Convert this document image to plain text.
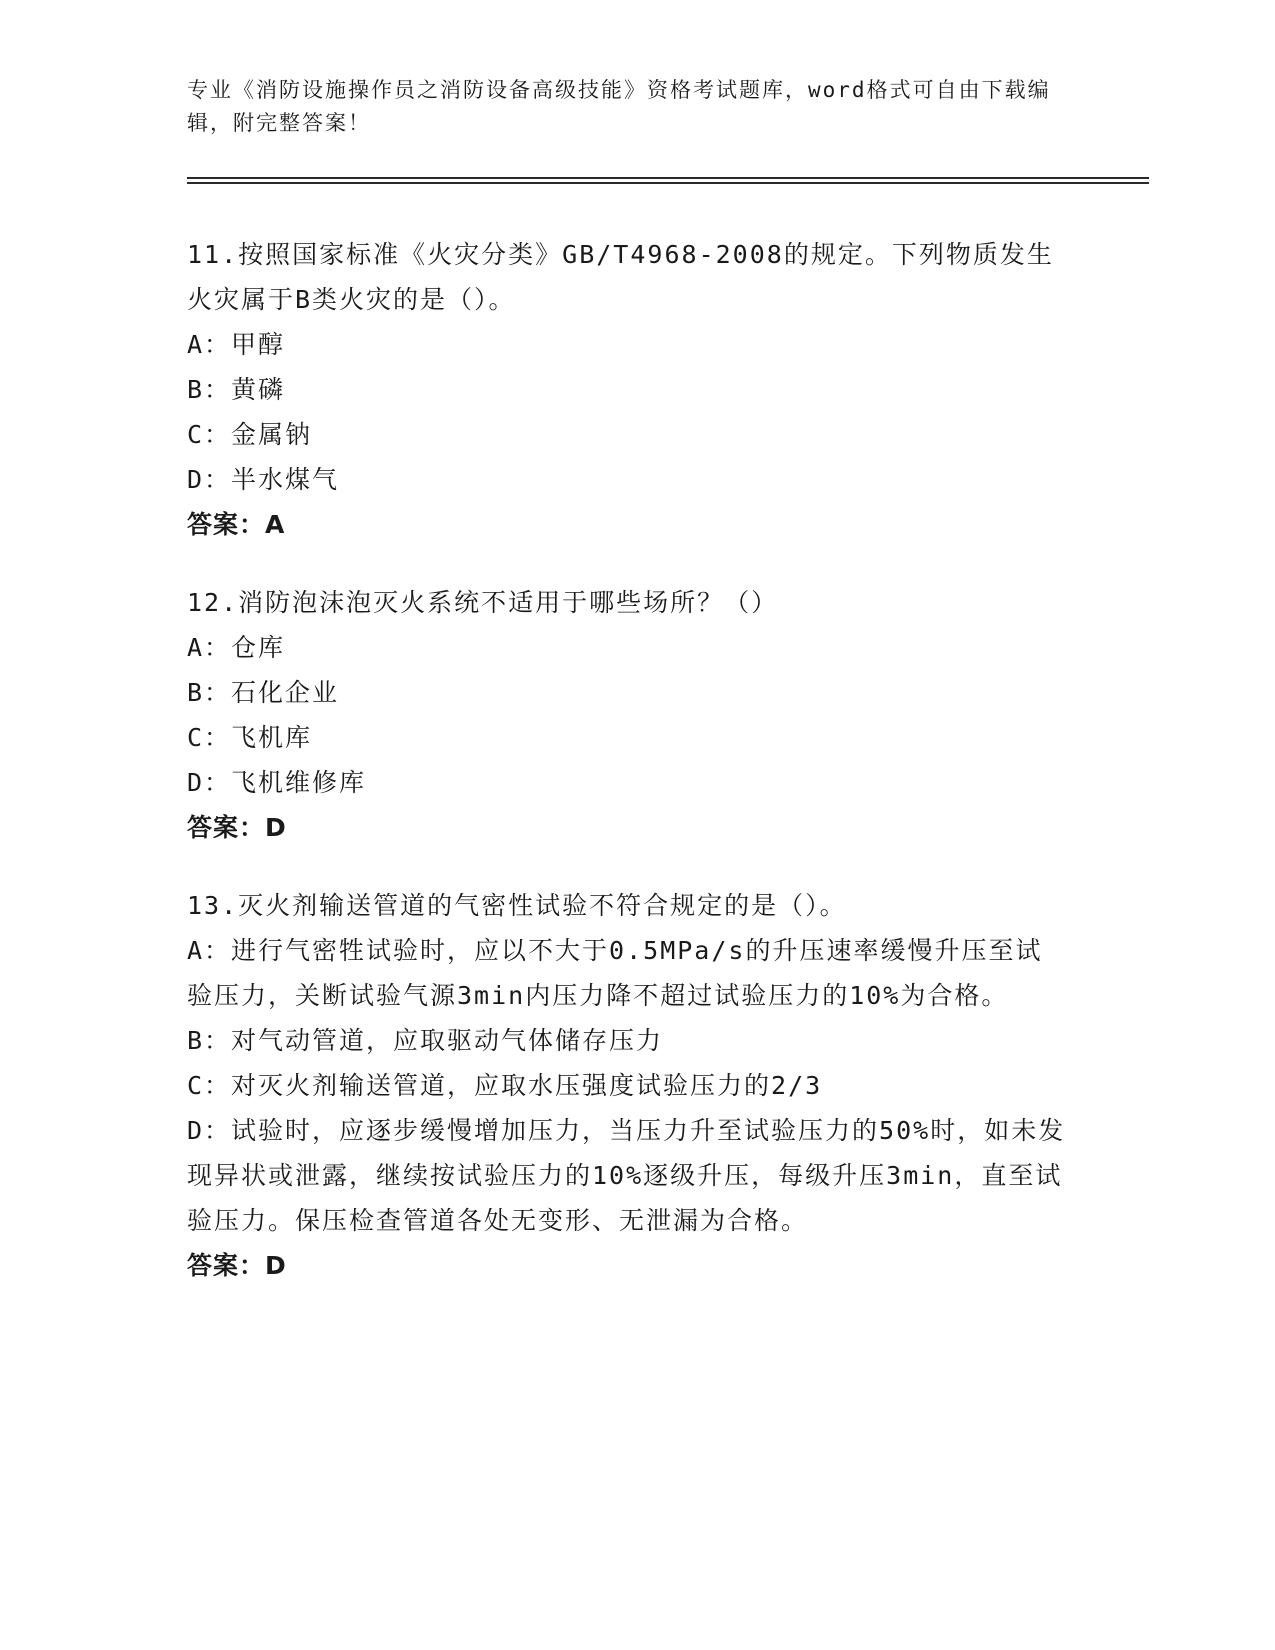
专业《消防设施操作员之消防设备高级技能》资格考试题库，word格式可自由下载编辑，附完整答案！
11.按照国家标准《火灾分类》GB/T4968-2008的规定。下列物质发生火灾属于B类火灾的是（）。
A：甲醇
B：黄磷
C：金属钠
D：半水煤气
答案：A
12.消防泡沫泡灭火系统不适用于哪些场所？（）
A：仓库
B：石化企业
C：飞机库
D：飞机维修库
答案：D
13.灭火剂输送管道的气密性试验不符合规定的是（）。
A：进行气密牲试验时，应以不大于0.5MPa/s的升压速率缓慢升压至试验压力，关断试验气源3min内压力降不超过试验压力的10%为合格。
B：对气动管道，应取驱动气体储存压力
C：对灭火剂输送管道，应取水压强度试验压力的2/3
D：试验时，应逐步缓慢增加压力，当压力升至试验压力的50%时，如未发现异状或泄露，继续按试验压力的10%逐级升压，每级升压3min，直至试验压力。保压检查管道各处无变形、无泄漏为合格。
答案：D
